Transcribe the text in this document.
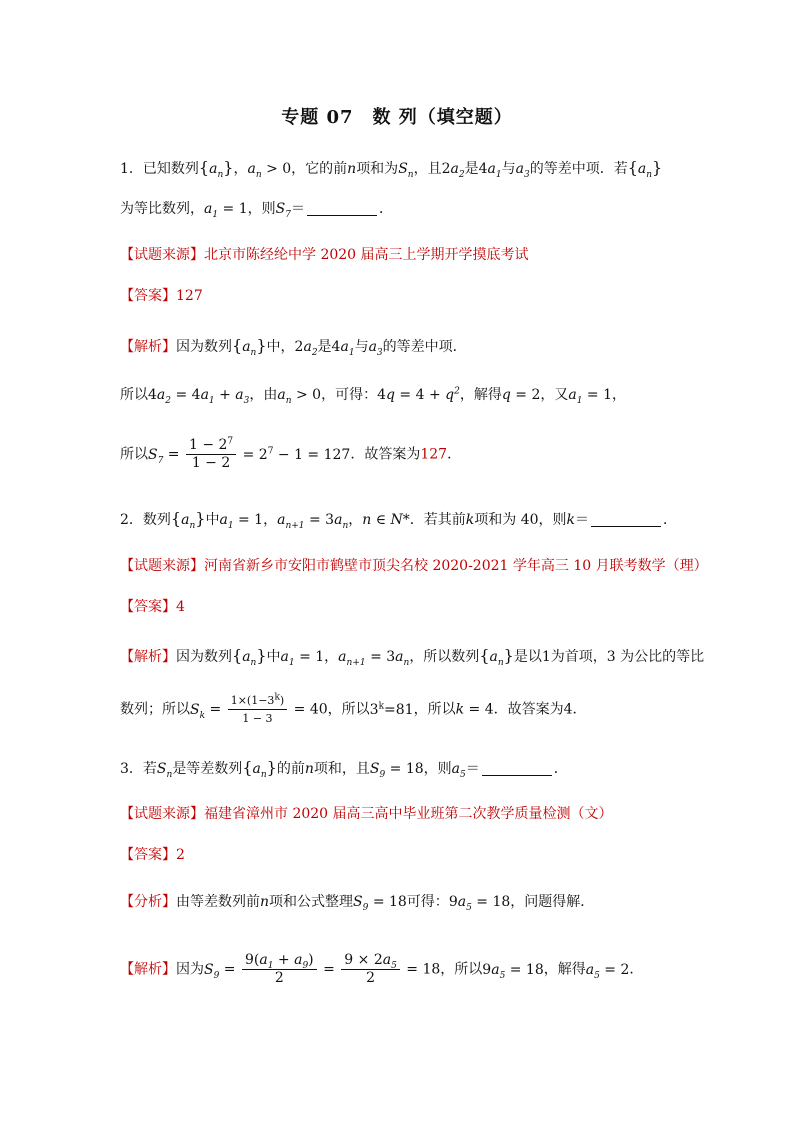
专题 07　数 列（填空题）
1．已知数列$\{a_n\}$，$a_n > 0$，它的前n项和为$S_n$，且$2a_2$是$4a_1$与$a_3$的等差中项．若$\{a_n\}$
为等比数列，$a_1 = 1$，则$S_7=$	．
【试题来源】北京市陈经纶中学 2020 届高三上学期开学摸底考试
【答案】127
【解析】因为数列$\{a_n\}$中，$2a_2$是$4a_1$与$a_3$的等差中项．
所以$4a_2 = 4a_1 + a_3$，由$a_n > 0$，可得：$4q = 4 + q^2$，解得q = 2，又$a_1 = 1$，
所以$S_7 = \frac{1 - 2^7}{1 - 2} = 2^7 - 1 = 127$．故答案为127．
2．数列$\{a_n\}$中$a_1 = 1$，$a_{n+1} = 3a_n$，n ∈ N*．若其前k项和为 40，则k＝	．
【试题来源】河南省新乡市安阳市鹤壁市顶尖名校 2020-2021 学年高三 10 月联考数学（理）
【答案】4
【解析】因为数列$\{a_n\}$中$a_1 = 1$，$a_{n+1} = 3a_n$，所以数列$\{a_n\}$是以1为首项，3 为公比的等比
数列；所以$S_k = \frac{1\times(1-3^k)}{1 - 3} = 40$，所以$3^k=81$，所以k = 4．故答案为4．
3．若$S_n$是等差数列$\{a_n\}$的前n项和，且$S_9 = 18$，则$a_5=$	．
【试题来源】福建省漳州市 2020 届高三高中毕业班第二次教学质量检测（文）
【答案】2
【分析】由等差数列前n项和公式整理$S_9 = 18$可得：$9a_5 = 18$，问题得解．
【解析】因为$S_9 = \frac{9(a_1 + a_9)}{2} = \frac{9 \times 2a_5}{2} = 18$，所以$9a_5 = 18$，解得$a_5 = 2$．
